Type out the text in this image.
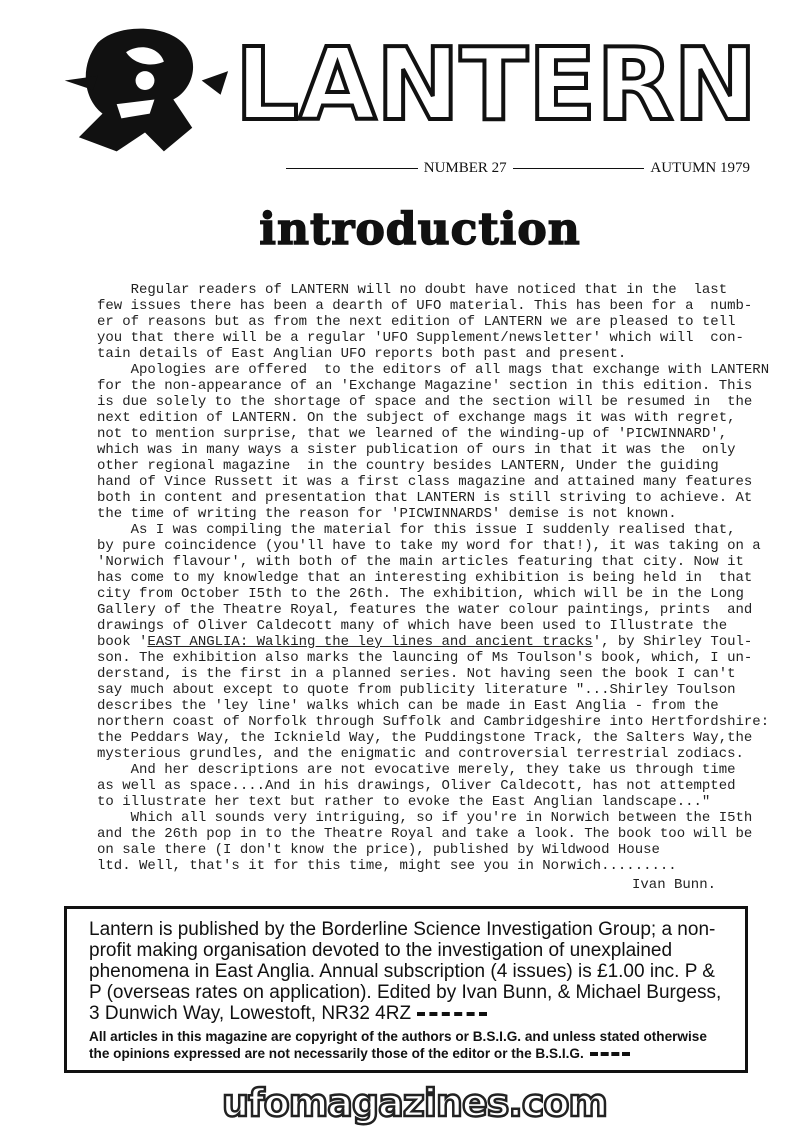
LANTERN
NUMBER 27	AUTUMN 1979
introduction
Regular readers of LANTERN will no doubt have noticed that in the  last
few issues there has been a dearth of UFO material. This has been for a  numb-
er of reasons but as from the next edition of LANTERN we are pleased to tell
you that there will be a regular 'UFO Supplement/newsletter' which will  con-
tain details of East Anglian UFO reports both past and present.
Apologies are offered  to the editors of all mags that exchange with LANTERN
for the non-appearance of an 'Exchange Magazine' section in this edition. This
is due solely to the shortage of space and the section will be resumed in  the
next edition of LANTERN. On the subject of exchange mags it was with regret,
not to mention surprise, that we learned of the winding-up of 'PICWINNARD',
which was in many ways a sister publication of ours in that it was the  only
other regional magazine  in the country besides LANTERN, Under the guiding
hand of Vince Russett it was a first class magazine and attained many features
both in content and presentation that LANTERN is still striving to achieve. At
the time of writing the reason for 'PICWINNARDS' demise is not known.
As I was compiling the material for this issue I suddenly realised that,
by pure coincidence (you'll have to take my word for that!), it was taking on a
'Norwich flavour', with both of the main articles featuring that city. Now it
has come to my knowledge that an interesting exhibition is being held in  that
city from October I5th to the 26th. The exhibition, which will be in the Long
Gallery of the Theatre Royal, features the water colour paintings, prints  and
drawings of Oliver Caldecott many of which have been used to Illustrate the
book 'EAST ANGLIA: Walking the ley lines and ancient tracks', by Shirley Toul-
son. The exhibition also marks the launcing of Ms Toulson's book, which, I un-
derstand, is the first in a planned series. Not having seen the book I can't
say much about except to quote from publicity literature "...Shirley Toulson
describes the 'ley line' walks which can be made in East Anglia - from the
northern coast of Norfolk through Suffolk and Cambridgeshire into Hertfordshire:
the Peddars Way, the Icknield Way, the Puddingstone Track, the Salters Way,the
mysterious grundles, and the enigmatic and controversial terrestrial zodiacs.
And her descriptions are not evocative merely, they take us through time
as well as space....And in his drawings, Oliver Caldecott, has not attempted
to illustrate her text but rather to evoke the East Anglian landscape..."
Which all sounds very intriguing, so if you're in Norwich between the I5th
and the 26th pop in to the Theatre Royal and take a look. The book too will be
on sale there (I don't know the price), published by Wildwood House
ltd. Well, that's it for this time, might see you in Norwich.........
Ivan Bunn.
Lantern is published by the Borderline Science Investigation Group; a non-profit making organisation devoted to the investigation of unexplained phenomena in East Anglia. Annual subscription (4 issues) is £1.00 inc. P & P (overseas rates on application). Edited by Ivan Bunn, & Michael Burgess, 3 Dunwich Way, Lowestoft, NR32 4RZ
All articles in this magazine are copyright of the authors or B.S.I.G. and unless stated otherwise the opinions expressed are not necessarily those of the editor or the B.S.I.G.
ufomagazines.com
